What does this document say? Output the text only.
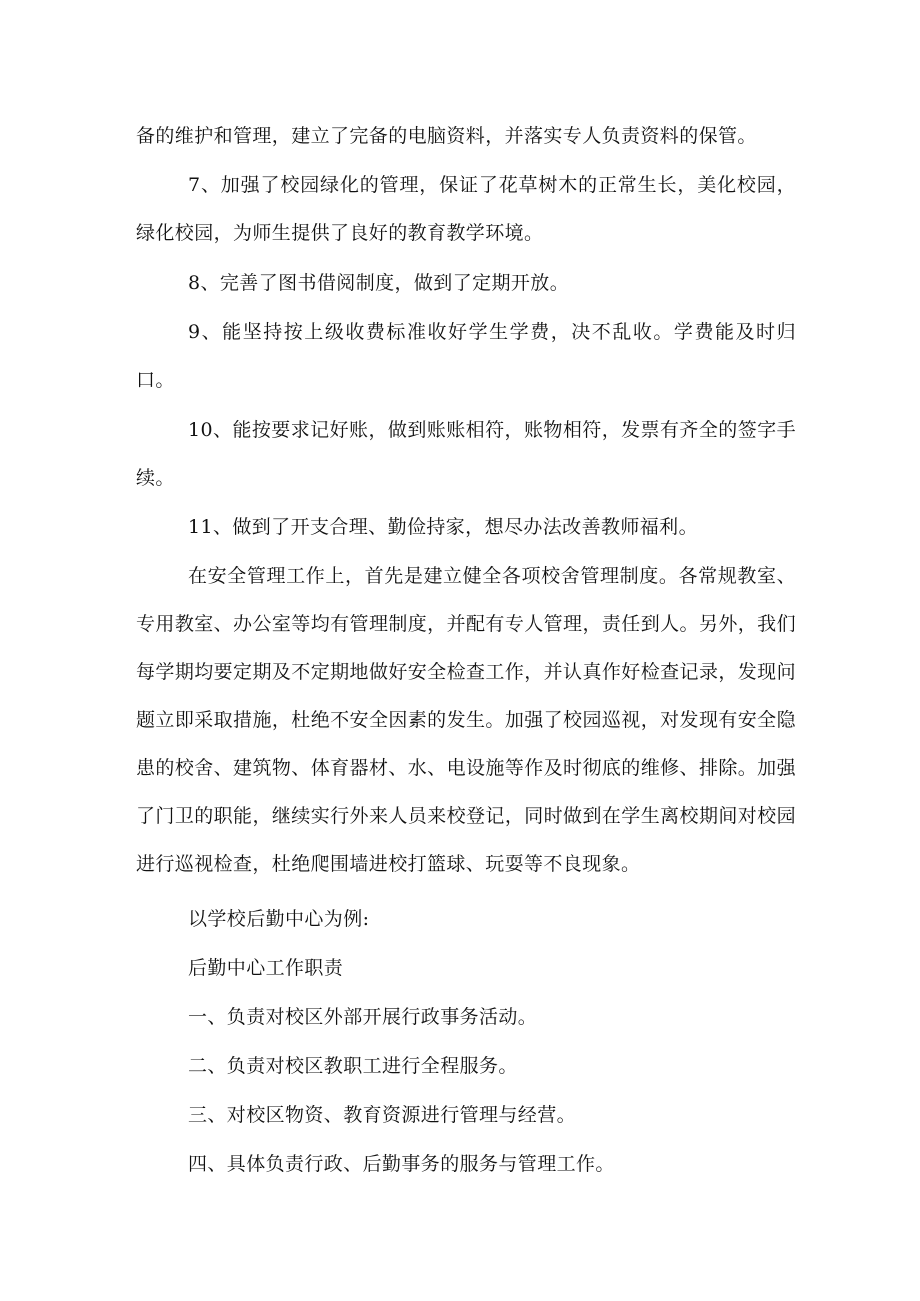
备的维护和管理，建立了完备的电脑资料，并落实专人负责资料的保管。

7、加强了校园绿化的管理，保证了花草树木的正常生长，美化校园，绿化校园，为师生提供了良好的教育教学环境。

8、完善了图书借阅制度，做到了定期开放。

9、能坚持按上级收费标准收好学生学费，决不乱收。学费能及时归口。

10、能按要求记好账，做到账账相符，账物相符，发票有齐全的签字手续。

11、做到了开支合理、勤俭持家，想尽办法改善教师福利。

在安全管理工作上，首先是建立健全各项校舍管理制度。各常规教室、专用教室、办公室等均有管理制度，并配有专人管理，责任到人。另外，我们每学期均要定期及不定期地做好安全检查工作，并认真作好检查记录，发现问题立即采取措施，杜绝不安全因素的发生。加强了校园巡视，对发现有安全隐患的校舍、建筑物、体育器材、水、电设施等作及时彻底的维修、排除。加强了门卫的职能，继续实行外来人员来校登记，同时做到在学生离校期间对校园进行巡视检查，杜绝爬围墙进校打篮球、玩耍等不良现象。

以学校后勤中心为例:

后勤中心工作职责

一、负责对校区外部开展行政事务活动。

二、负责对校区教职工进行全程服务。

三、对校区物资、教育资源进行管理与经营。

四、具体负责行政、后勤事务的服务与管理工作。
